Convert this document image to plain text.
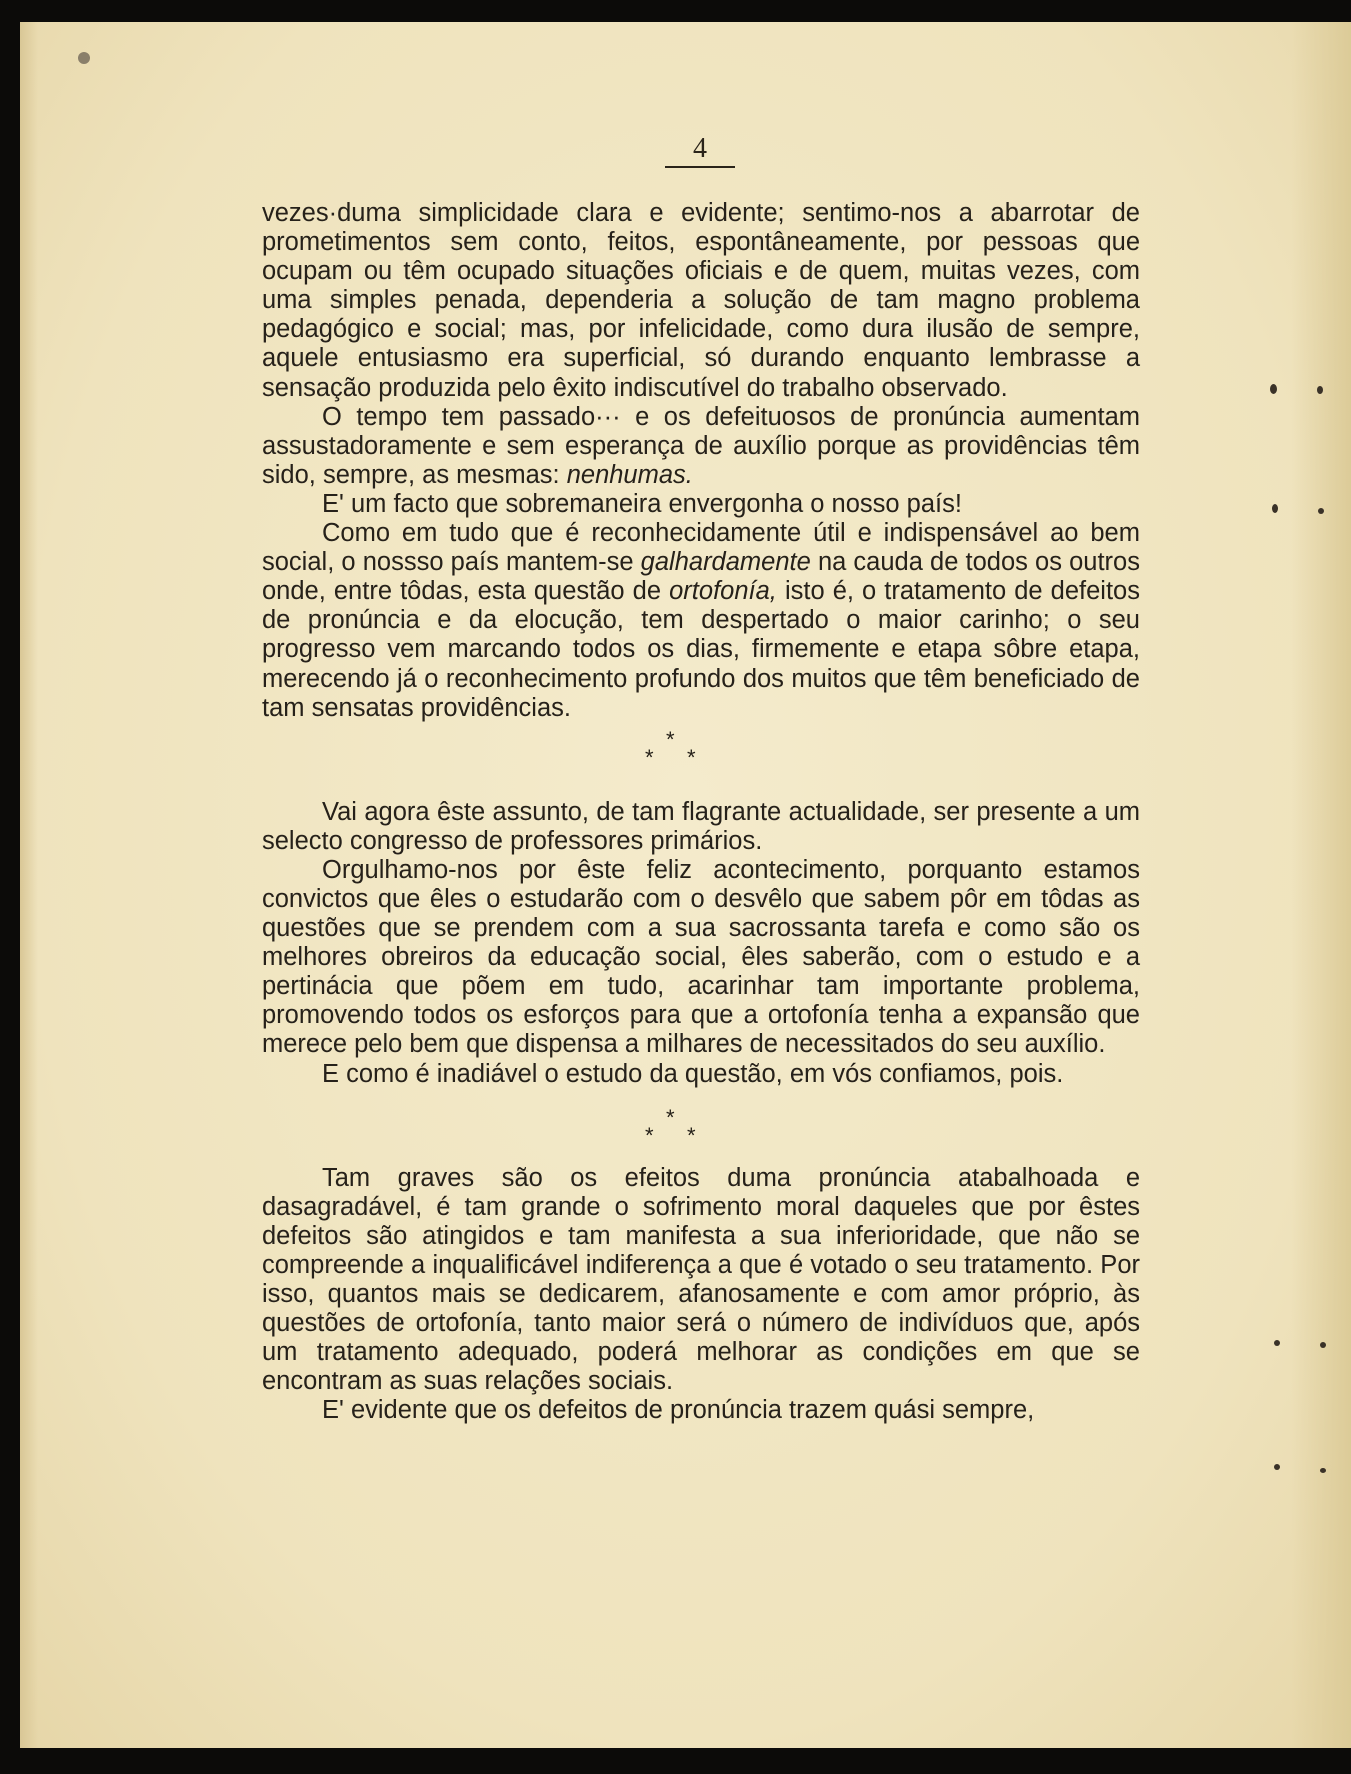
4

vezes·duma simplicidade clara e evidente; sentimo-nos a abarrotar de prometimentos sem conto, feitos, espontâneamente, por pessoas que ocupam ou têm ocupado situações oficiais e de quem, muitas vezes, com uma simples penada, dependeria a solução de tam magno problema pedagógico e social; mas, por infelicidade, como dura ilusão de sempre, aquele entusiasmo era superficial, só durando enquanto lembrasse a sensação produzida pelo êxito indiscutível do trabalho observado.

O tempo tem passado··· e os defeituosos de pronúncia aumentam assustadoramente e sem esperança de auxílio porque as providências têm sido, sempre, as mesmas: nenhumas.

E' um facto que sobremaneira envergonha o nosso país!

Como em tudo que é reconhecidamente útil e indispensável ao bem social, o nossso país mantem-se galhardamente na cauda de todos os outros onde, entre tôdas, esta questão de ortofonía, isto é, o tratamento de defeitos de pronúncia e da elocução, tem despertado o maior carinho; o seu progresso vem marcando todos os dias, firmemente e etapa sôbre etapa, merecendo já o reconhecimento profundo dos muitos que têm beneficiado de tam sensatas providências.

*
* *

Vai agora êste assunto, de tam flagrante actualidade, ser presente a um selecto congresso de professores primários.

Orgulhamo-nos por êste feliz acontecimento, porquanto estamos convictos que êles o estudarão com o desvêlo que sabem pôr em tôdas as questões que se prendem com a sua sacrossanta tarefa e como são os melhores obreiros da educação social, êles saberão, com o estudo e a pertinácia que põem em tudo, acarinhar tam importante problema, promovendo todos os esforços para que a ortofonía tenha a expansão que merece pelo bem que dispensa a milhares de necessitados do seu auxílio.

E como é inadiável o estudo da questão, em vós confiamos, pois.

*
* *

Tam graves são os efeitos duma pronúncia atabalhoada e dasagradável, é tam grande o sofrimento moral daqueles que por êstes defeitos são atingidos e tam manifesta a sua inferioridade, que não se compreende a inqualificável indiferença a que é votado o seu tratamento. Por isso, quantos mais se dedicarem, afanosamente e com amor próprio, às questões de ortofonía, tanto maior será o número de indivíduos que, após um tratamento adequado, poderá melhorar as condições em que se encontram as suas relações sociais.

E' evidente que os defeitos de pronúncia trazem quási sempre,
